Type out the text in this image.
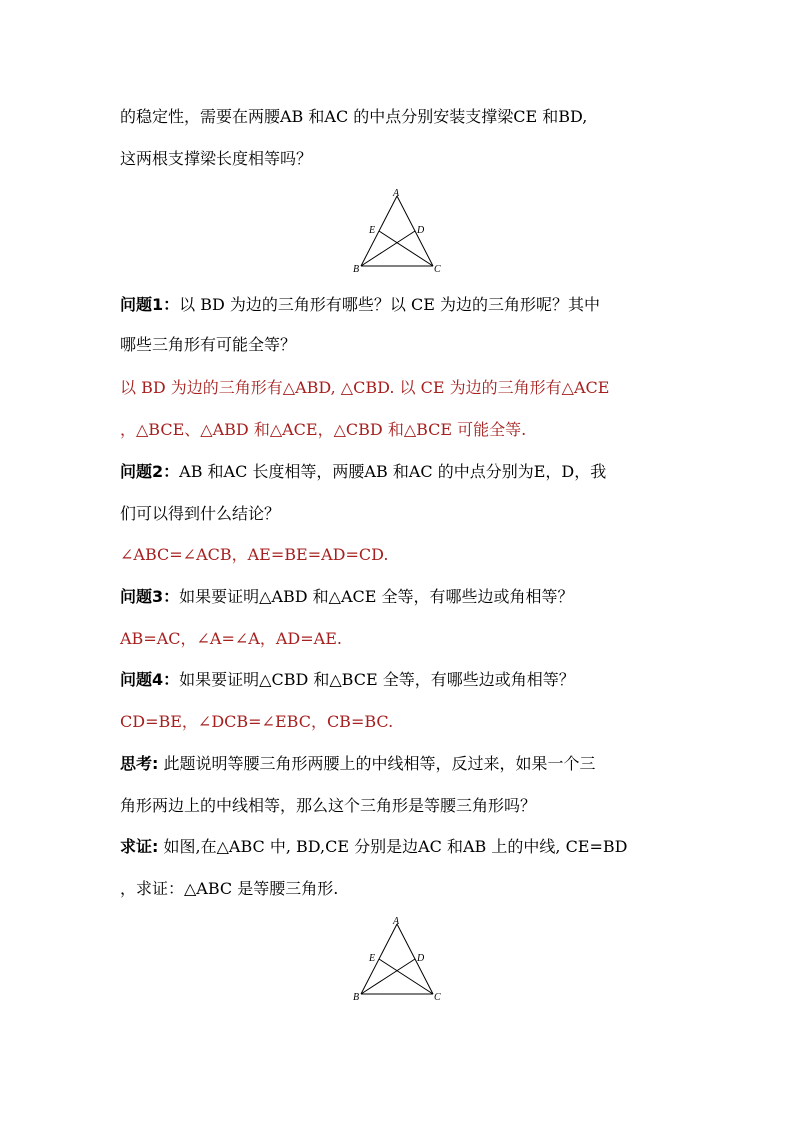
的稳定性，需要在两腰AB 和AC 的中点分别安装支撑梁CE 和BD,
这两根支撑梁长度相等吗？
A
B	C
D
E
问题1：以 BD 为边的三角形有哪些？以 CE 为边的三角形呢？其中
哪些三角形有可能全等？
以 BD 为边的三角形有△ABD, △CBD. 以 CE 为边的三角形有△ACE
，△BCE、△ABD 和△ACE，△CBD 和△BCE 可能全等.
问题2：AB 和AC 长度相等，两腰AB 和AC 的中点分别为E，D，我
们可以得到什么结论？
∠ABC=∠ACB，AE=BE=AD=CD.
问题3：如果要证明△ABD 和△ACE 全等，有哪些边或角相等？
AB=AC，∠A=∠A，AD=AE.
问题4：如果要证明△CBD 和△BCE 全等，有哪些边或角相等？
CD=BE，∠DCB=∠EBC，CB=BC.
思考: 此题说明等腰三角形两腰上的中线相等，反过来，如果一个三
角形两边上的中线相等，那么这个三角形是等腰三角形吗？
求证: 如图,在△ABC 中, BD,CE 分别是边AC 和AB 上的中线, CE=BD
，求证：△ABC 是等腰三角形.
A
B	C
D
E
